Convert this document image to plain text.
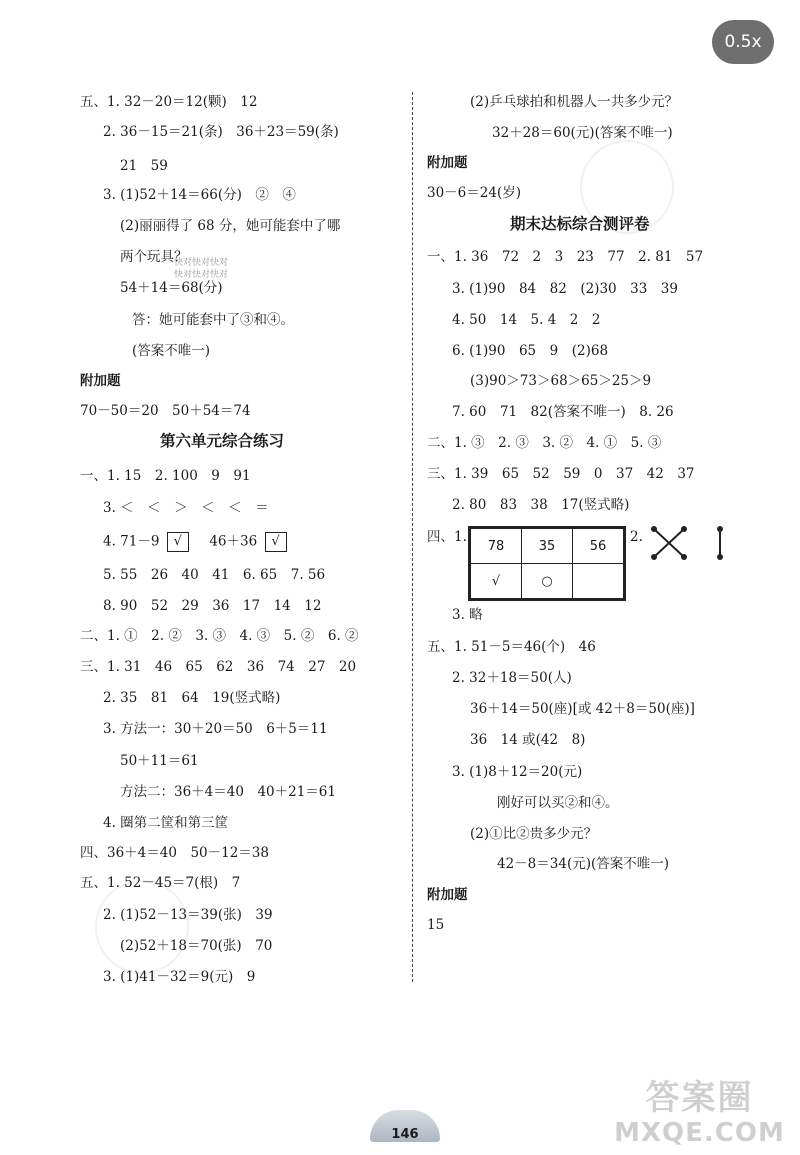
0.5x
快对快对快对
快对快对快对
五、1. 32－20＝12(颗)　12
2. 36－15＝21(条)　36＋23＝59(条)
21　59
3. (1)52＋14＝66(分)　②　④
(2)丽丽得了 68 分，她可能套中了哪
两个玩具？
54＋14＝68(分)
答：她可能套中了③和④。
(答案不唯一)
附加题
70－50＝20　50＋54＝74
第六单元综合练习
一、1. 15　2. 100　9　91
3. ＜　＜　＞　＜　＜　＝
4. 71－9 √ 46＋36 √
5. 55　26　40　41　6. 65　7. 56
8. 90　52　29　36　17　14　12
二、1. ①　2. ②　3. ③　4. ③　5. ②　6. ②
三、1. 31　46　65　62　36　74　27　20
2. 35　81　64　19(竖式略)
3. 方法一：30＋20＝50　6＋5＝11
50＋11＝61
方法二：36＋4＝40　40＋21＝61
4. 圈第二筐和第三筐
四、36＋4＝40　50－12＝38
五、1. 52－45＝7(根)　7
2. (1)52－13＝39(张)　39
(2)52＋18＝70(张)　70
3. (1)41－32＝9(元)　9
(2)乒乓球拍和机器人一共多少元？
32＋28＝60(元)(答案不唯一)
附加题
30－6＝24(岁)
期末达标综合测评卷
一、1. 36　72　2　3　23　77　2. 81　57
3. (1)90　84　82　(2)30　33　39
4. 50　14　5. 4　2　2
6. (1)90　65　9　(2)68
(3)90＞73＞68＞65＞25＞9
7. 60　71　82(答案不唯一)　8. 26
二、1. ③　2. ③　3. ②　4. ①　5. ③
三、1. 39　65　52　59　0　37　42　37
2. 80　83　38　17(竖式略)
四、1.
78	35	56
√	○	
2.
3. 略
五、1. 51－5＝46(个)　46
2. 32＋18＝50(人)
36＋14＝50(座)[或 42＋8＝50(座)]
36　14 或(42　8)
3. (1)8＋12＝20(元)
刚好可以买②和④。
(2)①比②贵多少元？
42－8＝34(元)(答案不唯一)
附加题
15
146
答案圈
MXQE.COM
